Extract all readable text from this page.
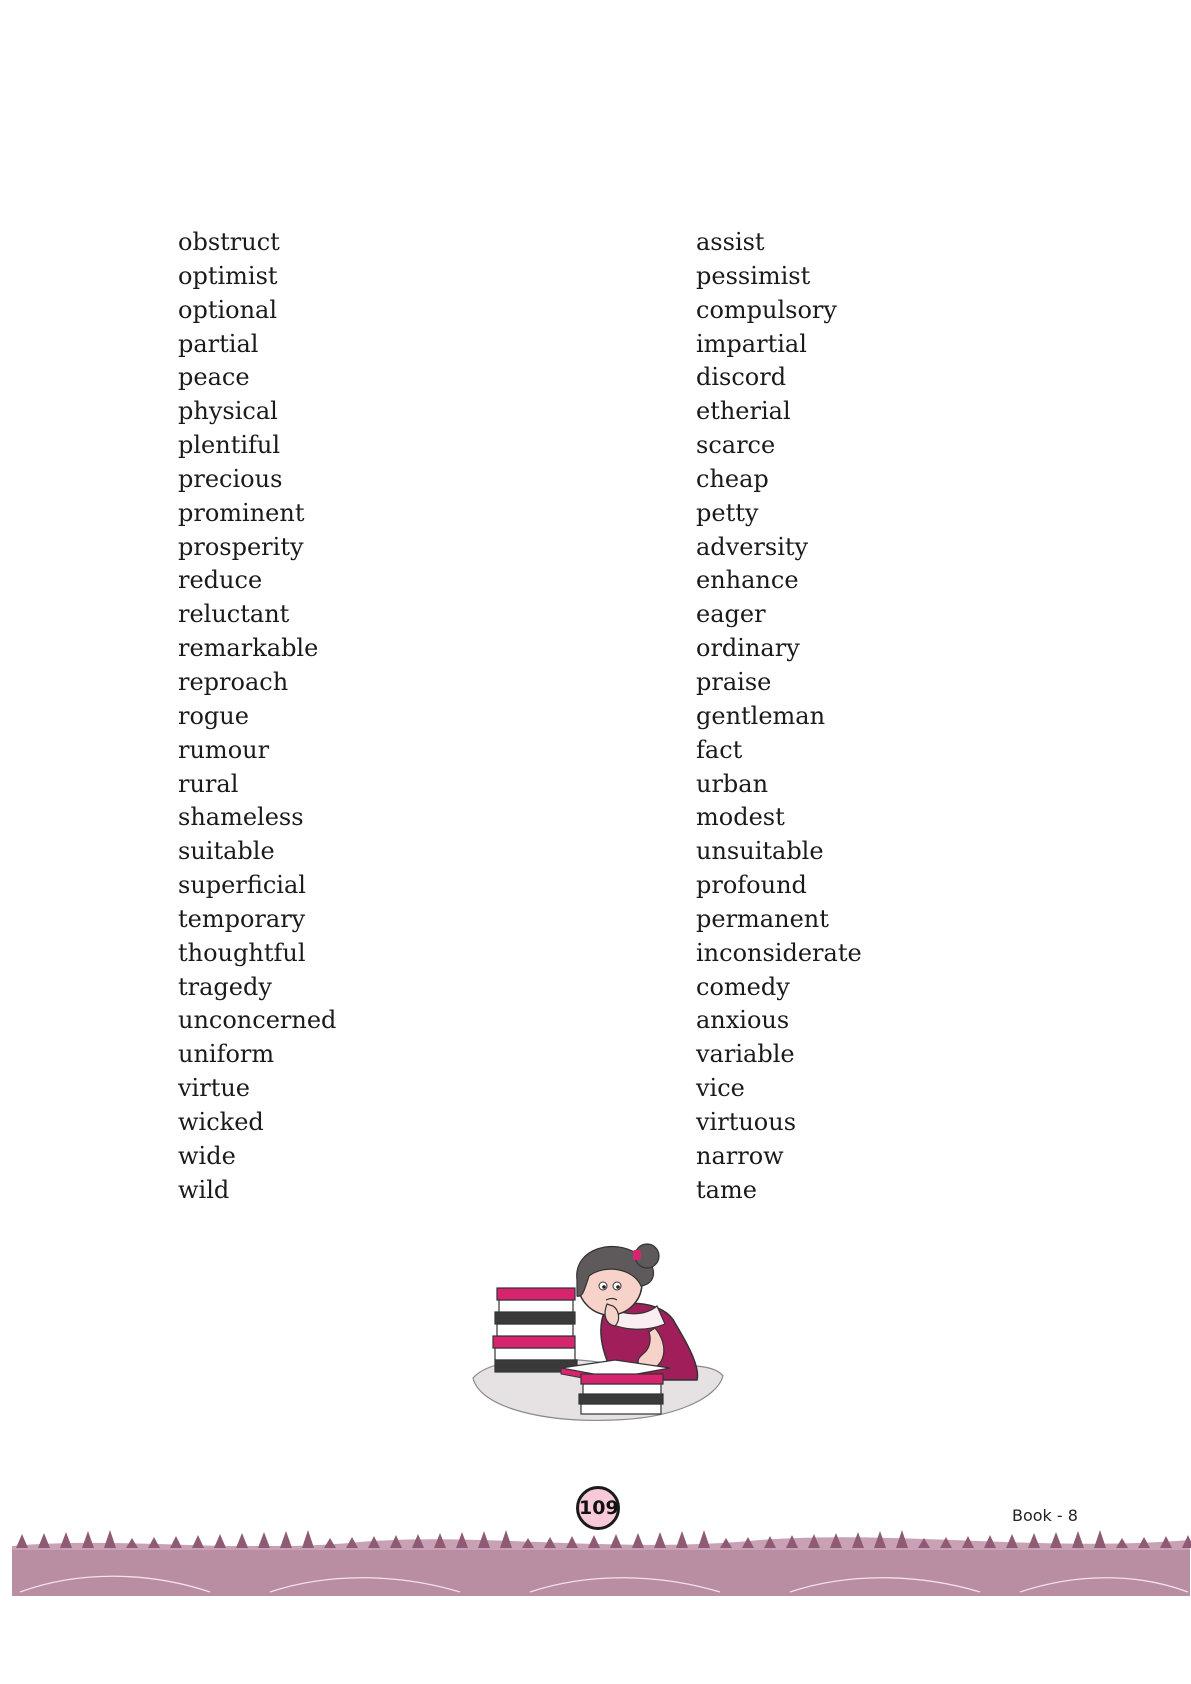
obstruct
optimist
optional
partial
peace
physical
plentiful
precious
prominent
prosperity
reduce
reluctant
remarkable
reproach
rogue
rumour
rural
shameless
suitable
superficial
temporary
thoughtful
tragedy
unconcerned
uniform
virtue
wicked
wide
wild
assist
pessimist
compulsory
impartial
discord
etherial
scarce
cheap
petty
adversity
enhance
eager
ordinary
praise
gentleman
fact
urban
modest
unsuitable
profound
permanent
inconsiderate
comedy
anxious
variable
vice
virtuous
narrow
tame
109	Book - 8
